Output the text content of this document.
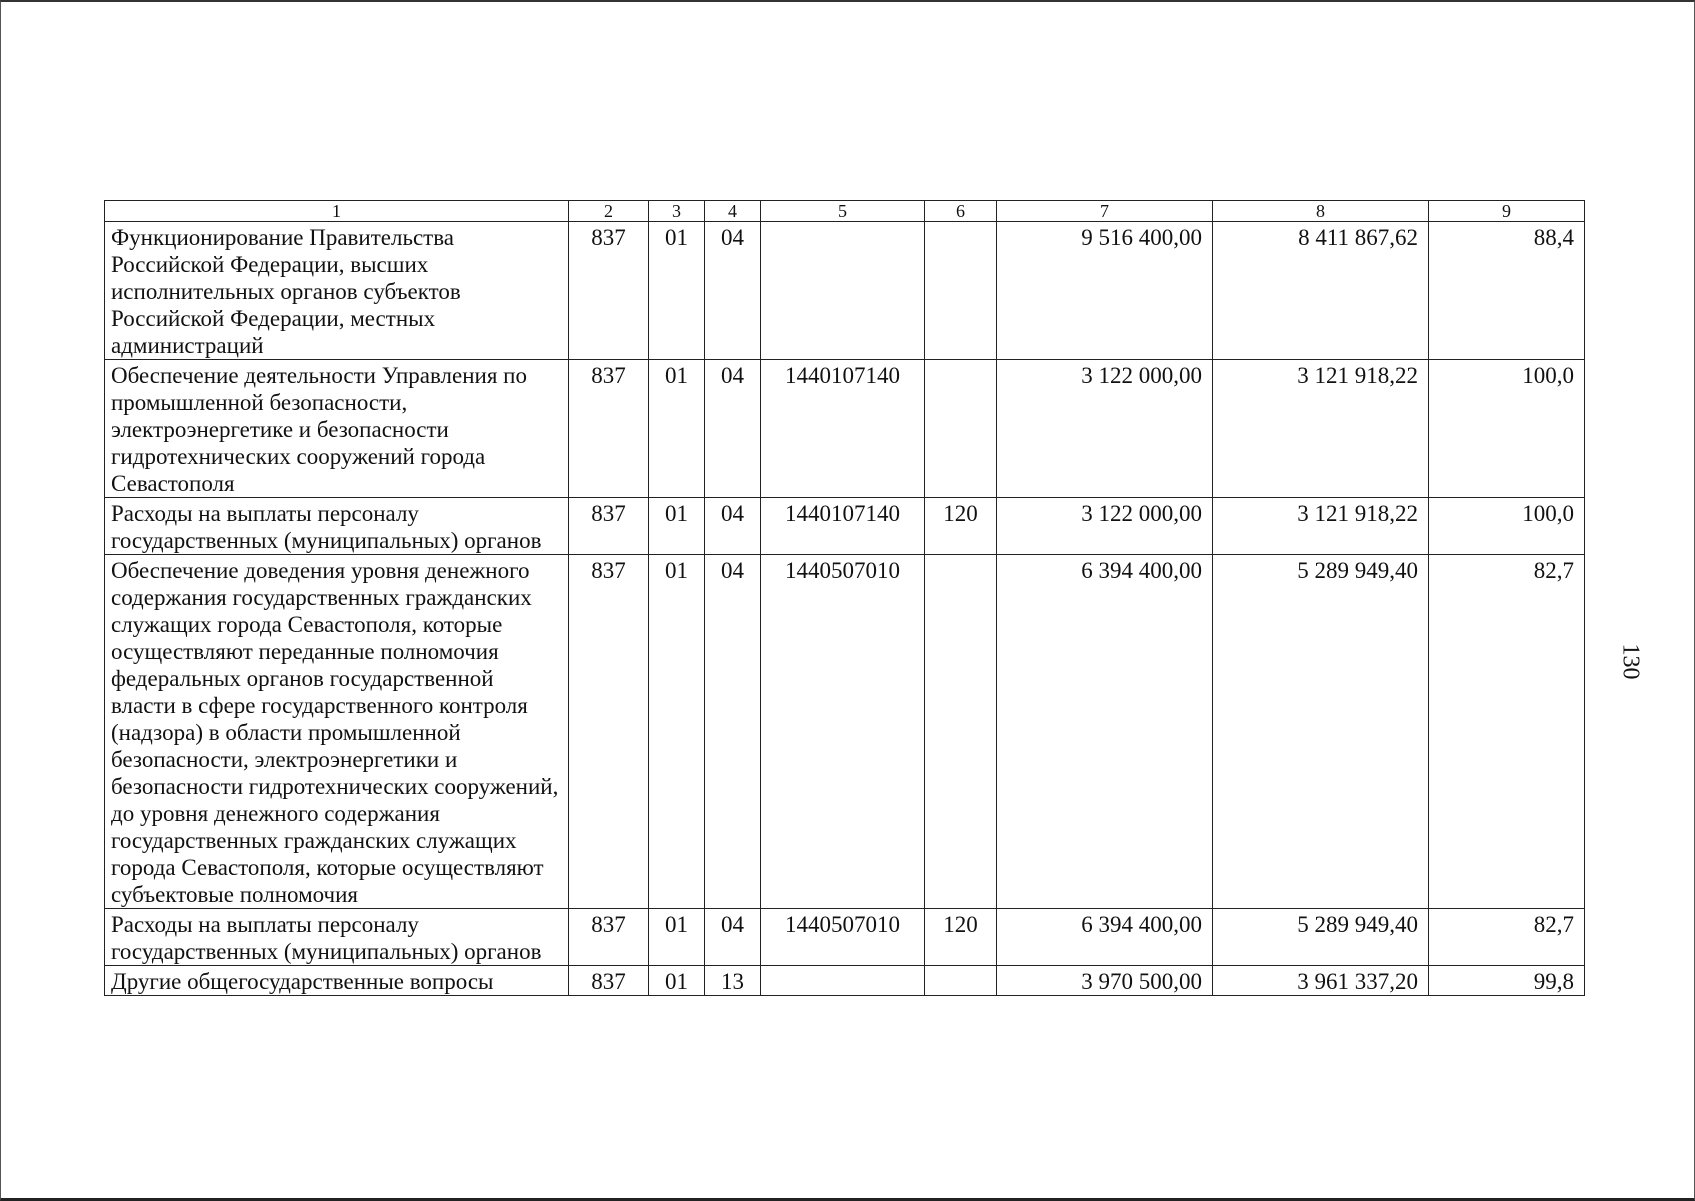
1	2	3	4	5	6	7	8	9
Функционирование Правительства Российской Федерации, высших исполнительных органов субъектов Российской Федерации, местных администраций	837	01	04			9 516 400,00	8 411 867,62	88,4
Обеспечение деятельности Управления по промышленной безопасности, электроэнергетике и безопасности гидротехнических сооружений города Севастополя	837	01	04	1440107140		3 122 000,00	3 121 918,22	100,0
Расходы на выплаты персоналу государственных (муниципальных) органов	837	01	04	1440107140	120	3 122 000,00	3 121 918,22	100,0
Обеспечение доведения уровня денежного содержания государственных гражданских служащих города Севастополя, которые осуществляют переданные полномочия федеральных органов государственной власти в сфере государственного контроля (надзора) в области промышленной безопасности, электроэнергетики и безопасности гидротехнических сооружений, до уровня денежного содержания государственных гражданских служащих города Севастополя, которые осуществляют субъектовые полномочия	837	01	04	1440507010		6 394 400,00	5 289 949,40	82,7
Расходы на выплаты персоналу государственных (муниципальных) органов	837	01	04	1440507010	120	6 394 400,00	5 289 949,40	82,7
Другие общегосударственные вопросы	837	01	13			3 970 500,00	3 961 337,20	99,8
130
